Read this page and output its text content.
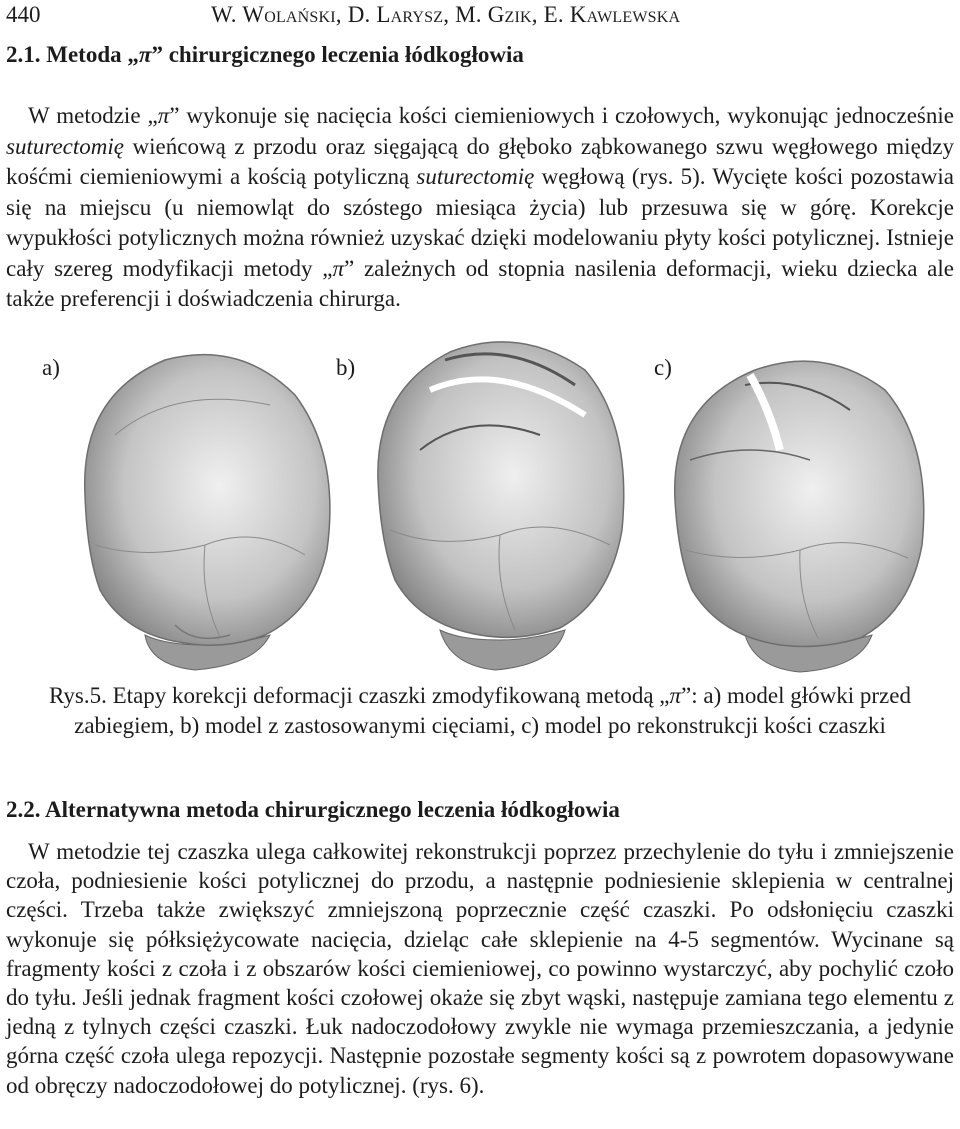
440	W. Wolański, D. Larysz, M. Gzik, E. Kawlewska
2.1. Metoda „π” chirurgicznego leczenia łódkogłowia
W metodzie „π” wykonuje się nacięcia kości ciemieniowych i czołowych, wykonując jednocześnie suturectomię wieńcową z przodu oraz sięgającą do głęboko ząbkowanego szwu węgłowego między kośćmi ciemieniowymi a kością potyliczną suturectomię węgłową (rys. 5). Wycięte kości pozostawia się na miejscu (u niemowląt do szóstego miesiąca życia) lub przesuwa się w górę. Korekcje wypukłości potylicznych można również uzyskać dzięki modelowaniu płyty kości potylicznej. Istnieje cały szereg modyfikacji metody „π” zależnych od stopnia nasilenia deformacji, wieku dziecka ale także preferencji i doświadczenia chirurga.
a)	b)	c)
Rys.5. Etapy korekcji deformacji czaszki zmodyfikowaną metodą „π”: a) model główki przed zabiegiem, b) model z zastosowanymi cięciami, c) model po rekonstrukcji kości czaszki
2.2. Alternatywna metoda chirurgicznego leczenia łódkogłowia
W metodzie tej czaszka ulega całkowitej rekonstrukcji poprzez przechylenie do tyłu i zmniejszenie czoła, podniesienie kości potylicznej do przodu, a następnie podniesienie sklepienia w centralnej części. Trzeba także zwiększyć zmniejszoną poprzecznie część czaszki. Po odsłonięciu czaszki wykonuje się półksiężycowate nacięcia, dzieląc całe sklepienie na 4-5 segmentów. Wycinane są fragmenty kości z czoła i z obszarów kości ciemieniowej, co powinno wystarczyć, aby pochylić czoło do tyłu. Jeśli jednak fragment kości czołowej okaże się zbyt wąski, następuje zamiana tego elementu z jedną z tylnych części czaszki. Łuk nadoczodołowy zwykle nie wymaga przemieszczania, a jedynie górna część czoła ulega repozycji. Następnie pozostałe segmenty kości są z powrotem dopasowywane od obręczy nadoczodołowej do potylicznej. (rys. 6).
